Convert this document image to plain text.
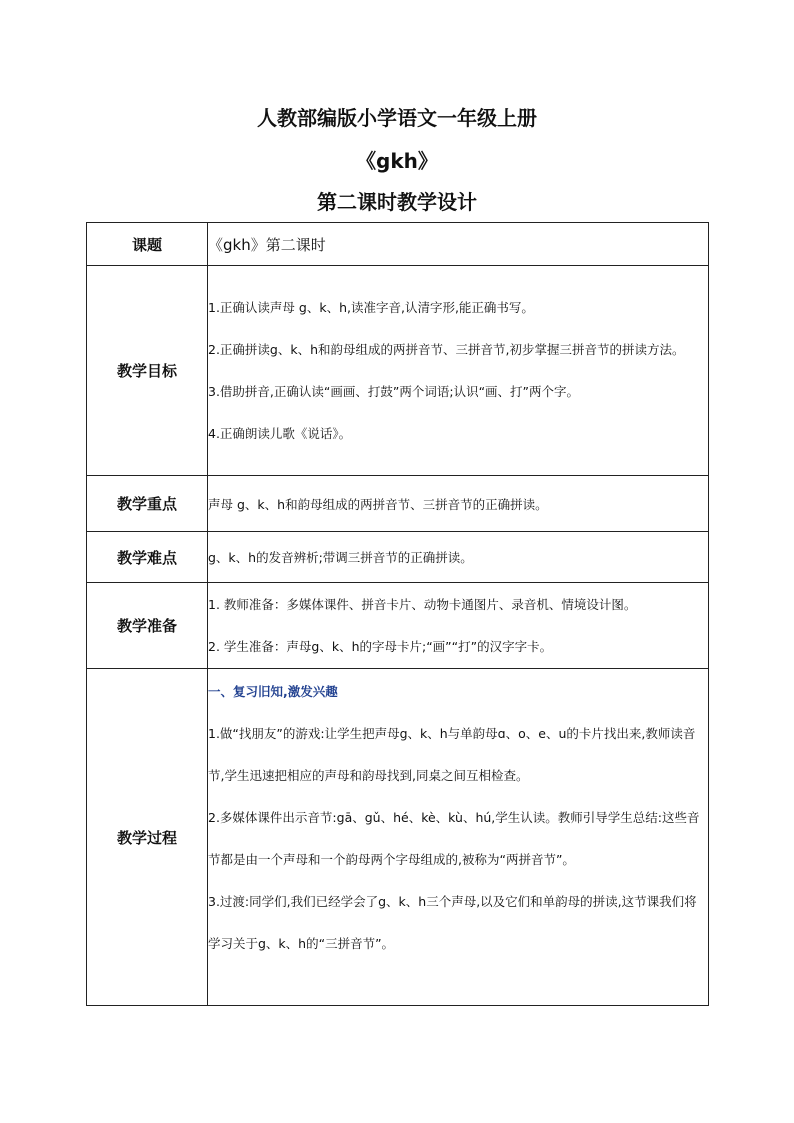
人教部编版小学语文一年级上册
《gkh》
第二课时教学设计
课题	《gkh》第二课时
教学目标	1.正确认读声母 g、k、h,读准字音,认清字形,能正确书写。

2.正确拼读g、k、h和韵母组成的两拼音节、三拼音节,初步掌握三拼音节的拼读方法。

3.借助拼音,正确认读“画画、打鼓”两个词语;认识“画、打”两个字。

4.正确朗读儿歌《说话》。

教学重点	声母 g、k、h和韵母组成的两拼音节、三拼音节的正确拼读。
教学难点	g、k、h的发音辨析;带调三拼音节的正确拼读。
教学准备	1. 教师准备：多媒体课件、拼音卡片、动物卡通图片、录音机、情境设计图。

2. 学生准备：声母g、k、h的字母卡片;“画”“打”的汉字字卡。

教学过程	一、复习旧知,激发兴趣

1.做“找朋友”的游戏:让学生把声母g、k、h与单韵母ɑ、o、e、u的卡片找出来,教师读音节,学生迅速把相应的声母和韵母找到,同桌之间互相检查。

2.多媒体课件出示音节:gā、gǔ、hé、kè、kù、hú,学生认读。教师引导学生总结:这些音节都是由一个声母和一个韵母两个字母组成的,被称为“两拼音节”。

3.过渡:同学们,我们已经学会了g、k、h三个声母,以及它们和单韵母的拼读,这节课我们将学习关于g、k、h的“三拼音节”。
